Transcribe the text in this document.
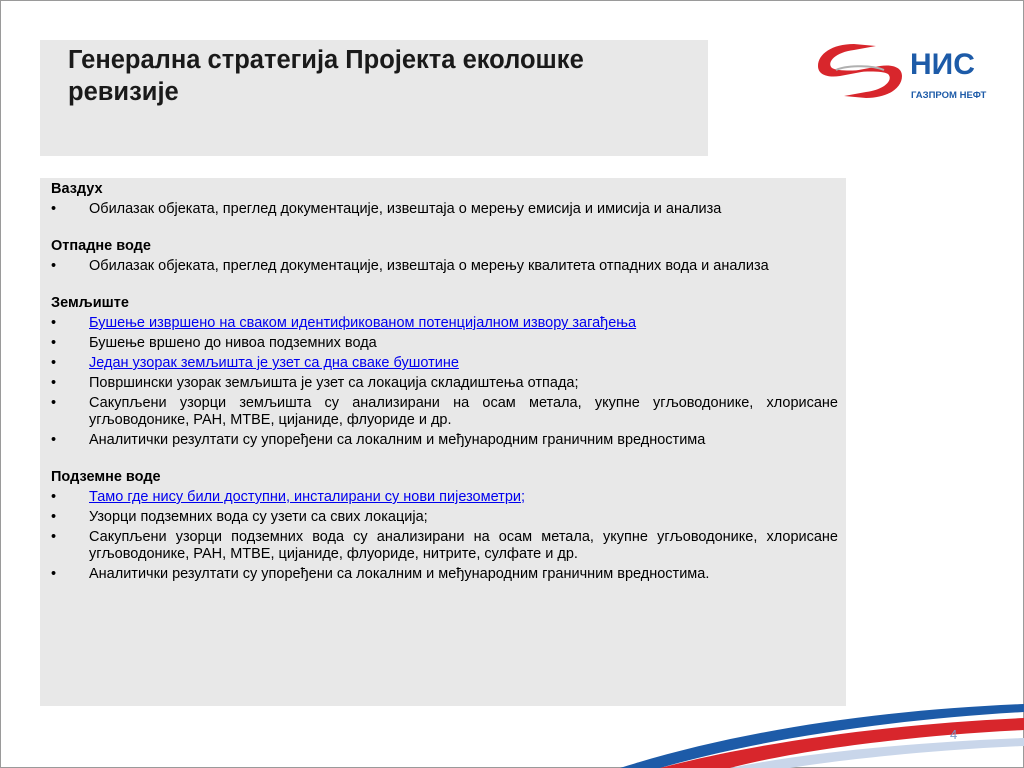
Генерална стратегија Пројекта еколошке ревизије
НИС
ГАЗПРОМ НЕФТ
Ваздух
• Обилазак објеката, преглед документације, извештаја о мерењу емисија и имисија и анализа
Отпадне воде
• Обилазак објеката, преглед документације, извештаја о мерењу квалитета отпадних вода и анализа
Земљиште
• Бушење извршено на сваком идентификованом потенцијалном извору загађења
• Бушење вршено до нивоа подземних вода
• Један узорак земљишта је узет са дна сваке бушотине
• Површински узорак земљишта је узет са локација складиштења отпада;
• Сакупљени узорци земљишта су анализирани на осам метала, укупне угљоводонике, хлорисане угљоводонике, РАН, МТВЕ, цијаниде, флуориде и др.
• Аналитички резултати су упоређени са локалним и међународним граничним вредностима
Подземне воде
• Тамо где нису били доступни, инсталирани су нови пијезометри;
• Узорци подземних вода су узети са свих локација;
• Сакупљени узорци подземних вода су анализирани на осам метала, укупне угљоводонике, хлорисане угљоводонике, РАН, МТВЕ, цијаниде, флуориде, нитрите, сулфате и др.
• Аналитички резултати су упоређени са локалним и међународним граничним вредностима.
4
